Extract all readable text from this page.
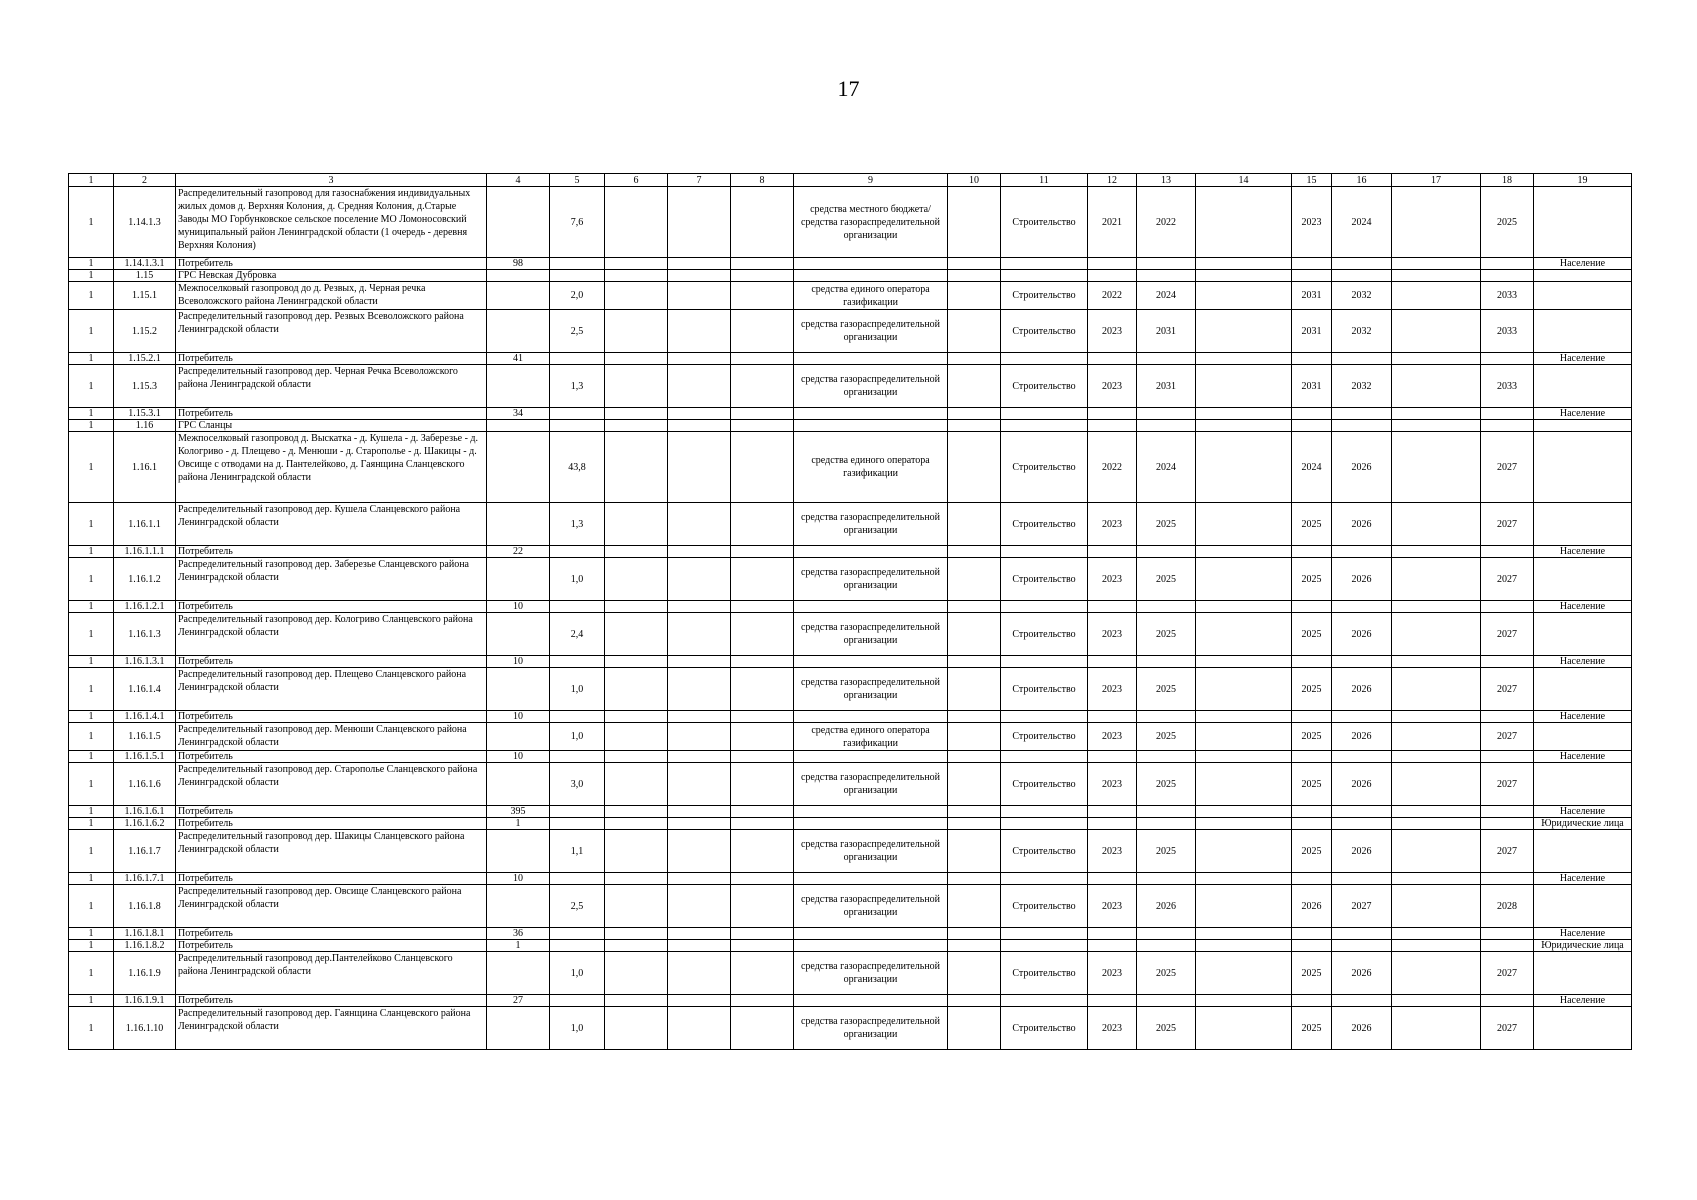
17
1	2	3	4	5	6	7	8	9	10	11	12	13	14	15	16	17	18	19
1	1.14.1.3	Распределительный газопровод для газоснабжения индивидуальных жилых домов д. Верхняя Колония, д. Средняя Колония, д.Старые Заводы МО Горбунковское сельское поселение МО Ломоносовский муниципальный район Ленинградской области (1 очередь - деревня Верхняя Колония)		7,6				средства местного бюджета/средства газораспределительной организации		Строительство	2021	2022		2023	2024		2025	
1	1.14.1.3.1	Потребитель	98															Население
1	1.15	ГРС Невская Дубровка																
1	1.15.1	Межпоселковый газопровод до д. Резвых, д. Черная речка Всеволожского района Ленинградской области		2,0				средства единого оператора газификации		Строительство	2022	2024		2031	2032		2033	
1	1.15.2	Распределительный газопровод дер. Резвых Всеволожского района Ленинградской области		2,5				средства газораспределительной организации		Строительство	2023	2031		2031	2032		2033	
1	1.15.2.1	Потребитель	41															Население
1	1.15.3	Распределительный газопровод дер. Черная Речка Всеволожского района Ленинградской области		1,3				средства газораспределительной организации		Строительство	2023	2031		2031	2032		2033	
1	1.15.3.1	Потребитель	34															Население
1	1.16	ГРС Сланцы																
1	1.16.1	Межпоселковый газопровод д. Выскатка - д. Кушела - д. Заберезье - д. Кологриво - д. Плещево - д. Менюши - д. Старополье - д. Шакицы - д. Овсище с отводами на д. Пантелейково, д. Гаянщина Сланцевского района Ленинградской области		43,8				средства единого оператора газификации		Строительство	2022	2024		2024	2026		2027	
1	1.16.1.1	Распределительный газопровод дер. Кушела Сланцевского района Ленинградской области		1,3				средства газораспределительной организации		Строительство	2023	2025		2025	2026		2027	
1	1.16.1.1.1	Потребитель	22															Население
1	1.16.1.2	Распределительный газопровод дер. Заберезье Сланцевского района Ленинградской области		1,0				средства газораспределительной организации		Строительство	2023	2025		2025	2026		2027	
1	1.16.1.2.1	Потребитель	10															Население
1	1.16.1.3	Распределительный газопровод дер. Кологриво Сланцевского района Ленинградской области		2,4				средства газораспределительной организации		Строительство	2023	2025		2025	2026		2027	
1	1.16.1.3.1	Потребитель	10															Население
1	1.16.1.4	Распределительный газопровод дер. Плещево Сланцевского района Ленинградской области		1,0				средства газораспределительной организации		Строительство	2023	2025		2025	2026		2027	
1	1.16.1.4.1	Потребитель	10															Население
1	1.16.1.5	Распределительный газопровод дер. Менюши Сланцевского района Ленинградской области		1,0				средства единого оператора газификации		Строительство	2023	2025		2025	2026		2027	
1	1.16.1.5.1	Потребитель	10															Население
1	1.16.1.6	Распределительный газопровод дер. Старополье Сланцевского района Ленинградской области		3,0				средства газораспределительной организации		Строительство	2023	2025		2025	2026		2027	
1	1.16.1.6.1	Потребитель	395															Население
1	1.16.1.6.2	Потребитель	1															Юридические лица
1	1.16.1.7	Распределительный газопровод дер. Шакицы Сланцевского района Ленинградской области		1,1				средства газораспределительной организации		Строительство	2023	2025		2025	2026		2027	
1	1.16.1.7.1	Потребитель	10															Население
1	1.16.1.8	Распределительный газопровод дер. Овсище Сланцевского района Ленинградской области		2,5				средства газораспределительной организации		Строительство	2023	2026		2026	2027		2028	
1	1.16.1.8.1	Потребитель	36															Население
1	1.16.1.8.2	Потребитель	1															Юридические лица
1	1.16.1.9	Распределительный газопровод дер.Пантелейково Сланцевского района Ленинградской области		1,0				средства газораспределительной организации		Строительство	2023	2025		2025	2026		2027	
1	1.16.1.9.1	Потребитель	27															Население
1	1.16.1.10	Распределительный газопровод дер. Гаянщина Сланцевского района Ленинградской области		1,0				средства газораспределительной организации		Строительство	2023	2025		2025	2026		2027	
